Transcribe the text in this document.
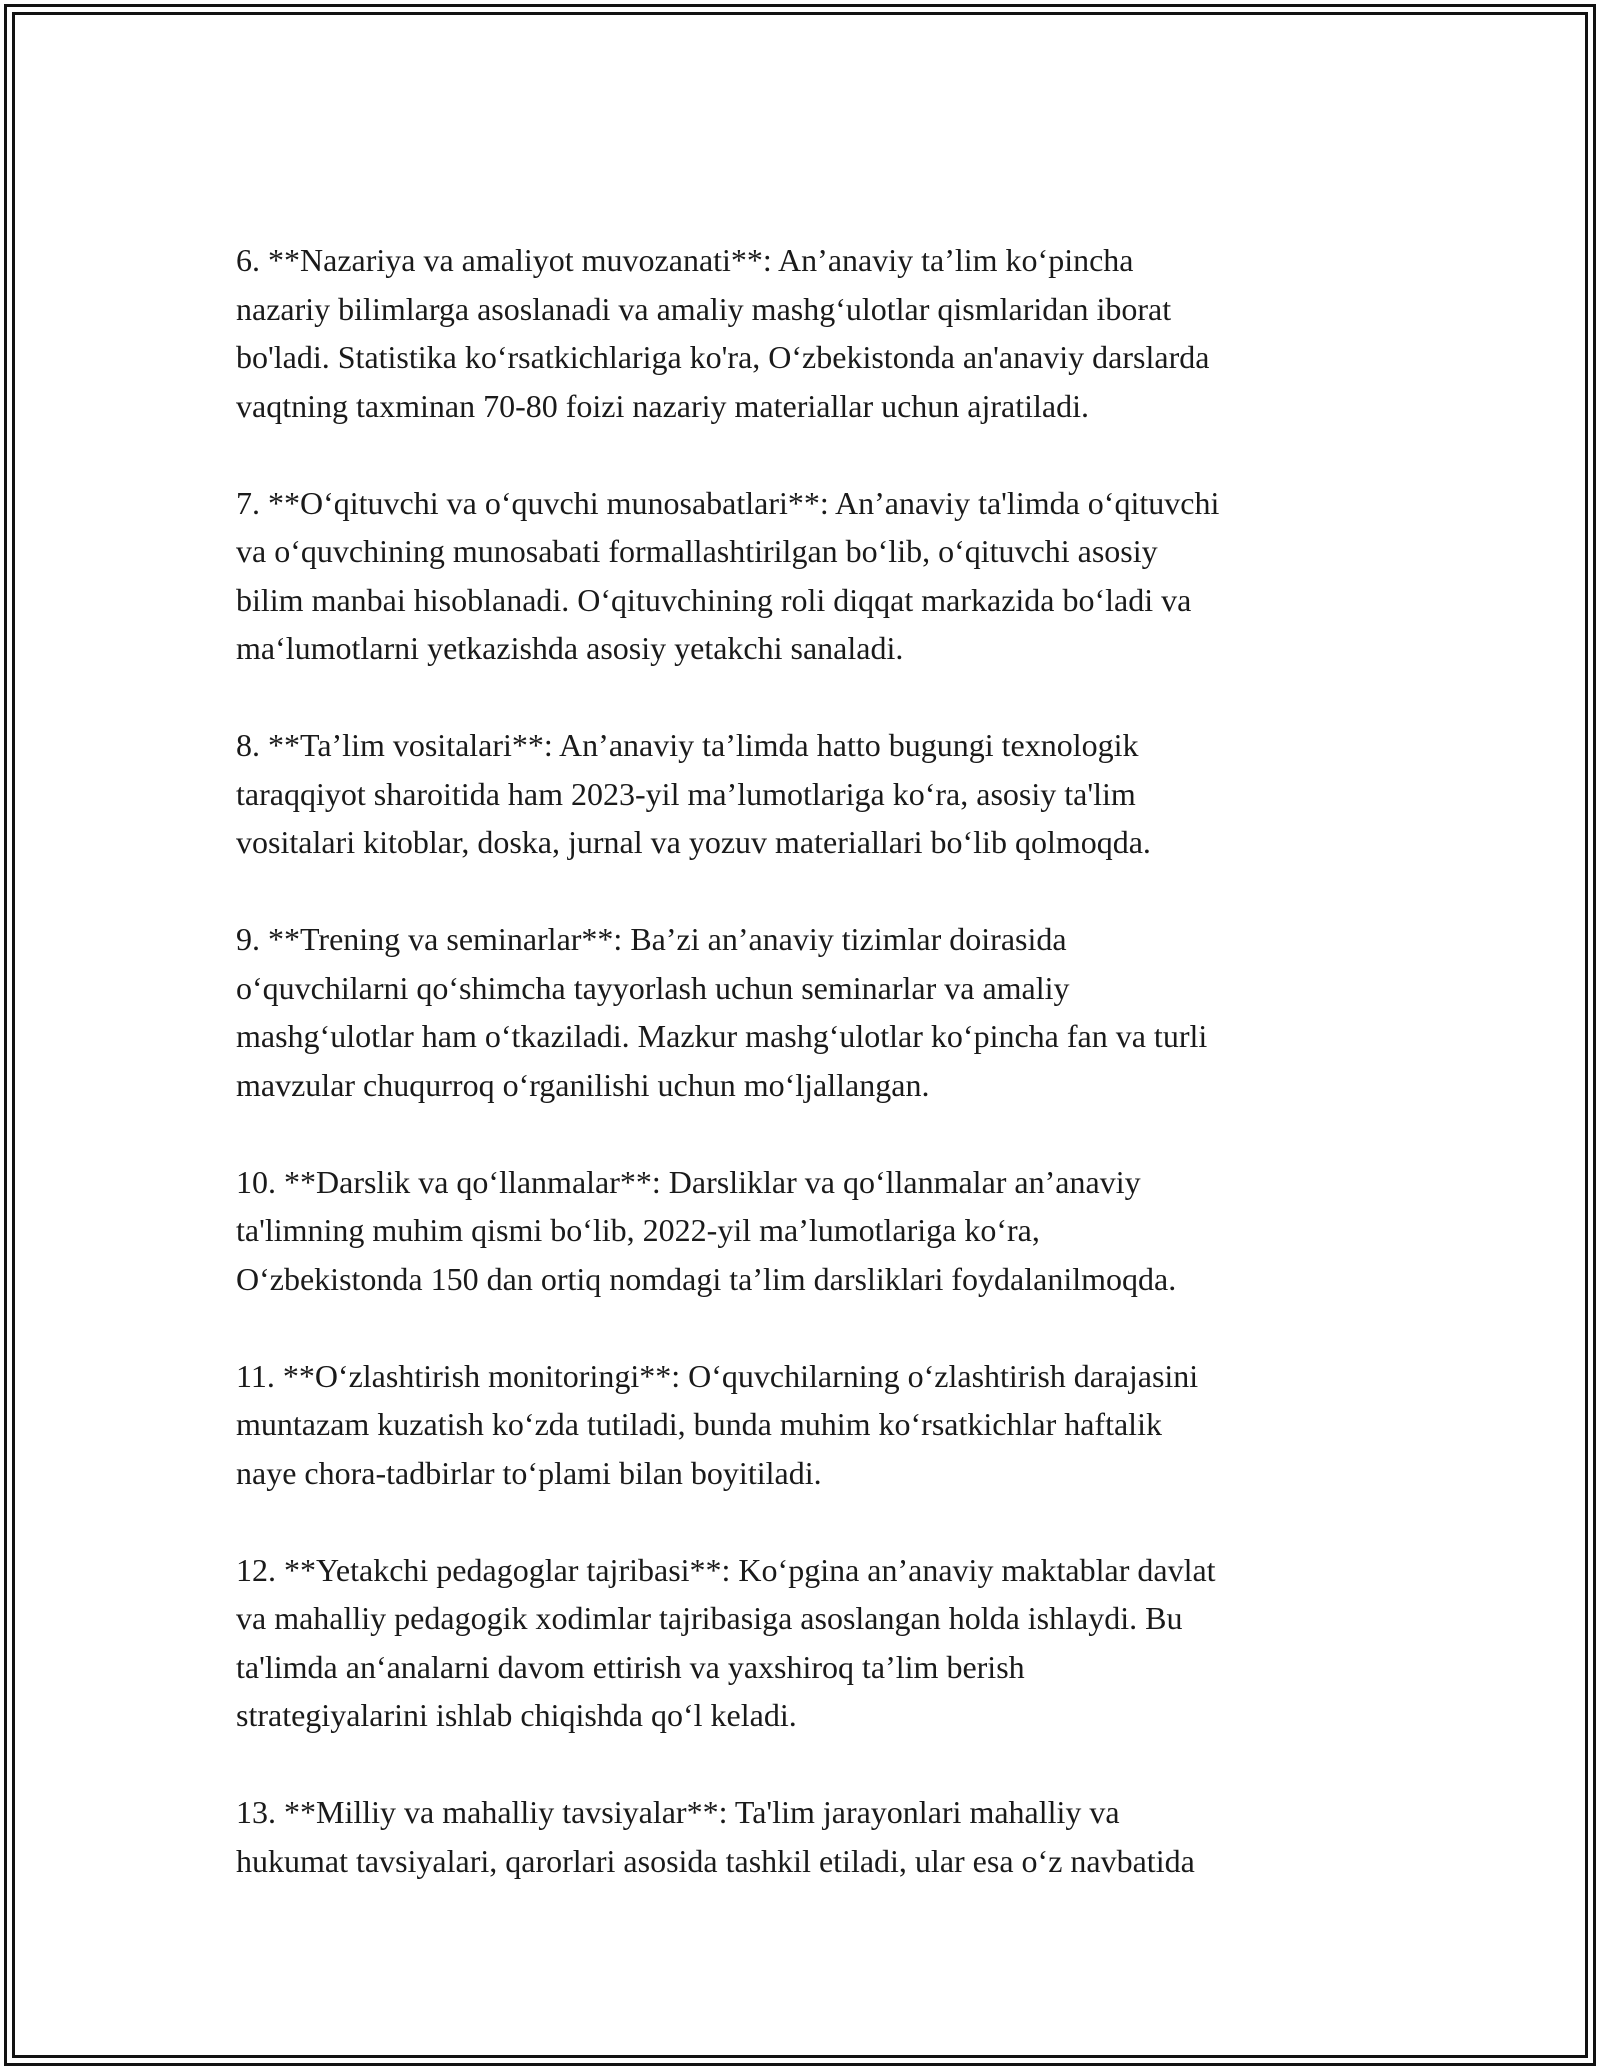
6. **Nazariya va amaliyot muvozanati**: An’anaviy ta’lim ko‘pincha
nazariy bilimlarga asoslanadi va amaliy mashg‘ulotlar qismlaridan iborat
bo'ladi. Statistika ko‘rsatkichlariga ko'ra, O‘zbekistonda an'anaviy darslarda
vaqtning taxminan 70-80 foizi nazariy materiallar uchun ajratiladi.

7. **O‘qituvchi va o‘quvchi munosabatlari**: An’anaviy ta'limda o‘qituvchi
va o‘quvchining munosabati formallashtirilgan bo‘lib, o‘qituvchi asosiy
bilim manbai hisoblanadi. O‘qituvchining roli diqqat markazida bo‘ladi va
ma‘lumotlarni yetkazishda asosiy yetakchi sanaladi.

8. **Ta’lim vositalari**: An’anaviy ta’limda hatto bugungi texnologik
taraqqiyot sharoitida ham 2023-yil ma’lumotlariga ko‘ra, asosiy ta'lim
vositalari kitoblar, doska, jurnal va yozuv materiallari bo‘lib qolmoqda.

9. **Trening va seminarlar**: Ba’zi an’anaviy tizimlar doirasida
o‘quvchilarni qo‘shimcha tayyorlash uchun seminarlar va amaliy
mashg‘ulotlar ham o‘tkaziladi. Mazkur mashg‘ulotlar ko‘pincha fan va turli
mavzular chuqurroq o‘rganilishi uchun mo‘ljallangan.

10. **Darslik va qo‘llanmalar**: Darsliklar va qo‘llanmalar an’anaviy
ta'limning muhim qismi bo‘lib, 2022-yil ma’lumotlariga ko‘ra,
O‘zbekistonda 150 dan ortiq nomdagi ta’lim darsliklari foydalanilmoqda.

11. **O‘zlashtirish monitoringi**: O‘quvchilarning o‘zlashtirish darajasini
muntazam kuzatish ko‘zda tutiladi, bunda muhim ko‘rsatkichlar haftalik
naye chora-tadbirlar to‘plami bilan boyitiladi.

12. **Yetakchi pedagoglar tajribasi**: Ko‘pgina an’anaviy maktablar davlat
va mahalliy pedagogik xodimlar tajribasiga asoslangan holda ishlaydi. Bu
ta'limda an‘analarni davom ettirish va yaxshiroq ta’lim berish
strategiyalarini ishlab chiqishda qo‘l keladi.

13. **Milliy va mahalliy tavsiyalar**: Ta'lim jarayonlari mahalliy va
hukumat tavsiyalari, qarorlari asosida tashkil etiladi, ular esa o‘z navbatida
